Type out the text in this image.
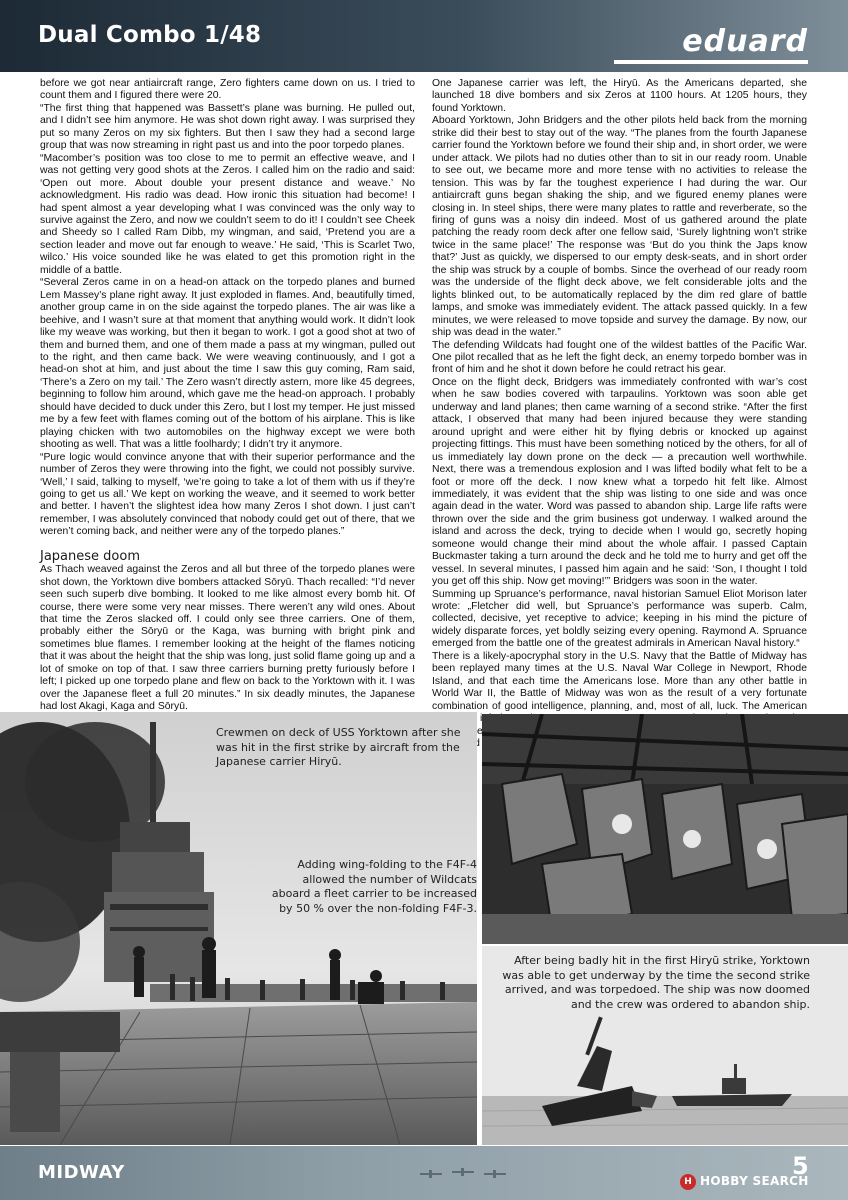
Dual Combo 1/48	eduard

before we got near antiaircraft range, Zero fighters came down on us. I tried to count them and I figured there were 20.

“The first thing that happened was Bassett’s plane was burning. He pulled out, and I didn’t see him anymore. He was shot down right away. I was surprised they put so many Zeros on my six fighters. But then I saw they had a second large group that was now streaming in right past us and into the poor torpedo planes.

“Macomber’s position was too close to me to permit an effective weave, and I was not getting very good shots at the Zeros. I called him on the radio and said: ‘Open out more. About double your present distance and weave.’ No acknowledgment. His radio was dead. How ironic this situation had become! I had spent almost a year developing what I was convinced was the only way to survive against the Zero, and now we couldn’t seem to do it! I couldn’t see Cheek and Sheedy so I called Ram Dibb, my wingman, and said, ‘Pretend you are a section leader and move out far enough to weave.’ He said, ‘This is Scarlet Two, wilco.’ His voice sounded like he was elated to get this promotion right in the middle of a battle.

“Several Zeros came in on a head-on attack on the torpedo planes and burned Lem Massey’s plane right away. It just exploded in flames. And, beautifully timed, another group came in on the side against the torpedo planes. The air was like a beehive, and I wasn’t sure at that moment that anything would work. It didn’t look like my weave was working, but then it began to work. I got a good shot at two of them and burned them, and one of them made a pass at my wingman, pulled out to the right, and then came back. We were weaving continuously, and I got a head-on shot at him, and just about the time I saw this guy coming, Ram said, ‘There’s a Zero on my tail.’ The Zero wasn’t directly astern, more like 45 degrees, beginning to follow him around, which gave me the head-on approach. I probably should have decided to duck under this Zero, but I lost my temper. He just missed me by a few feet with flames coming out of the bottom of his airplane. This is like playing chicken with two automobiles on the highway except we were both shooting as well. That was a little foolhardy; I didn’t try it anymore.

“Pure logic would convince anyone that with their superior performance and the number of Zeros they were throwing into the fight, we could not possibly survive. ‘Well,’ I said, talking to myself, ‘we’re going to take a lot of them with us if they’re going to get us all.’ We kept on working the weave, and it seemed to work better and better. I haven’t the slightest idea how many Zeros I shot down. I just can’t remember, I was absolutely convinced that nobody could get out of there, that we weren’t coming back, and neither were any of the torpedo planes.”

Japanese doom

As Thach weaved against the Zeros and all but three of the torpedo planes were shot down, the Yorktown dive bombers attacked Sōryū. Thach recalled: “I’d never seen such superb dive bombing. It looked to me like almost every bomb hit. Of course, there were some very near misses. There weren’t any wild ones. About that time the Zeros slacked off. I could only see three carriers. One of them, probably either the Sōryū or the Kaga, was burning with bright pink and sometimes blue flames. I remember looking at the height of the flames noticing that it was about the height that the ship was long, just solid flame going up and a lot of smoke on top of that. I saw three carriers burning pretty furiously before I left; I picked up one torpedo plane and flew on back to the Yorktown with it. I was over the Japanese fleet a full 20 minutes.” In six deadly minutes, the Japanese had lost Akagi, Kaga and Sōryū.

One Japanese carrier was left, the Hiryū. As the Americans departed, she launched 18 dive bombers and six Zeros at 1100 hours. At 1205 hours, they found Yorktown.

Aboard Yorktown, John Bridgers and the other pilots held back from the morning strike did their best to stay out of the way. “The planes from the fourth Japanese carrier found the Yorktown before we found their ship and, in short order, we were under attack. We pilots had no duties other than to sit in our ready room. Unable to see out, we became more and more tense with no activities to release the tension. This was by far the toughest experience I had during the war. Our antiaircraft guns began shaking the ship, and we figured enemy planes were closing in. In steel ships, there were many plates to rattle and reverberate, so the firing of guns was a noisy din indeed. Most of us gathered around the plate patching the ready room deck after one fellow said, ‘Surely lightning won’t strike twice in the same place!’ The response was ‘But do you think the Japs know that?’ Just as quickly, we dispersed to our empty desk-seats, and in short order the ship was struck by a couple of bombs. Since the overhead of our ready room was the underside of the flight deck above, we felt considerable jolts and the lights blinked out, to be automatically replaced by the dim red glare of battle lamps, and smoke was immediately evident. The attack passed quickly. In a few minutes, we were released to move topside and survey the damage. By now, our ship was dead in the water.”

The defending Wildcats had fought one of the wildest battles of the Pacific War. One pilot recalled that as he left the fight deck, an enemy torpedo bomber was in front of him and he shot it down before he could retract his gear.

Once on the flight deck, Bridgers was immediately confronted with war’s cost when he saw bodies covered with tarpaulins. Yorktown was soon able get underway and land planes; then came warning of a second strike. “After the first attack, I observed that many had been injured because they were standing around upright and were either hit by flying debris or knocked up against projecting fittings. This must have been something noticed by the others, for all of us immediately lay down prone on the deck — a precaution well worthwhile. Next, there was a tremendous explosion and I was lifted bodily what felt to be a foot or more off the deck. I now knew what a torpedo hit felt like. Almost immediately, it was evident that the ship was listing to one side and was once again dead in the water. Word was passed to abandon ship. Large life rafts were thrown over the side and the grim business got underway. I walked around the island and across the deck, trying to decide when I would go, secretly hoping someone would change their mind about the whole affair. I passed Captain Buckmaster taking a turn around the deck and he told me to hurry and get off the vessel. In several minutes, I passed him again and he said: ‘Son, I thought I told you get off this ship. Now get moving!’” Bridgers was soon in the water.

Summing up Spruance’s performance, naval historian Samuel Eliot Morison later wrote: „Fletcher did well, but Spruance’s performance was superb. Calm, collected, decisive, yet receptive to advice; keeping in his mind the picture of widely disparate forces, yet boldly seizing every opening. Raymond A. Spruance emerged from the battle one of the greatest admirals in American Naval history.“

There is a likely-apocryphal story in the U.S. Navy that the Battle of Midway has been replayed many times at the U.S. Naval War College in Newport, Rhode Island, and that each time the Americans lose. More than any other battle in World War II, the Battle of Midway was won as the result of a very fortunate combination of good intelligence, planning, and, most of all, luck. The American

Crewmen on deck of USS Yorktown after she was hit in the first strike by aircraft from the Japanese carrier Hiryū.
Adding wing-folding to the F4F-4 allowed the number of Wildcats aboard a fleet carrier to be increased by 50 % over the non-folding F4F-3.
After being badly hit in the first Hiryū strike, Yorktown was able to get underway by the time the second strike arrived, and was torpedoed. The ship was now doomed and the crew was ordered to abandon ship.
MIDWAY	5
H HOBBY SEARCH
